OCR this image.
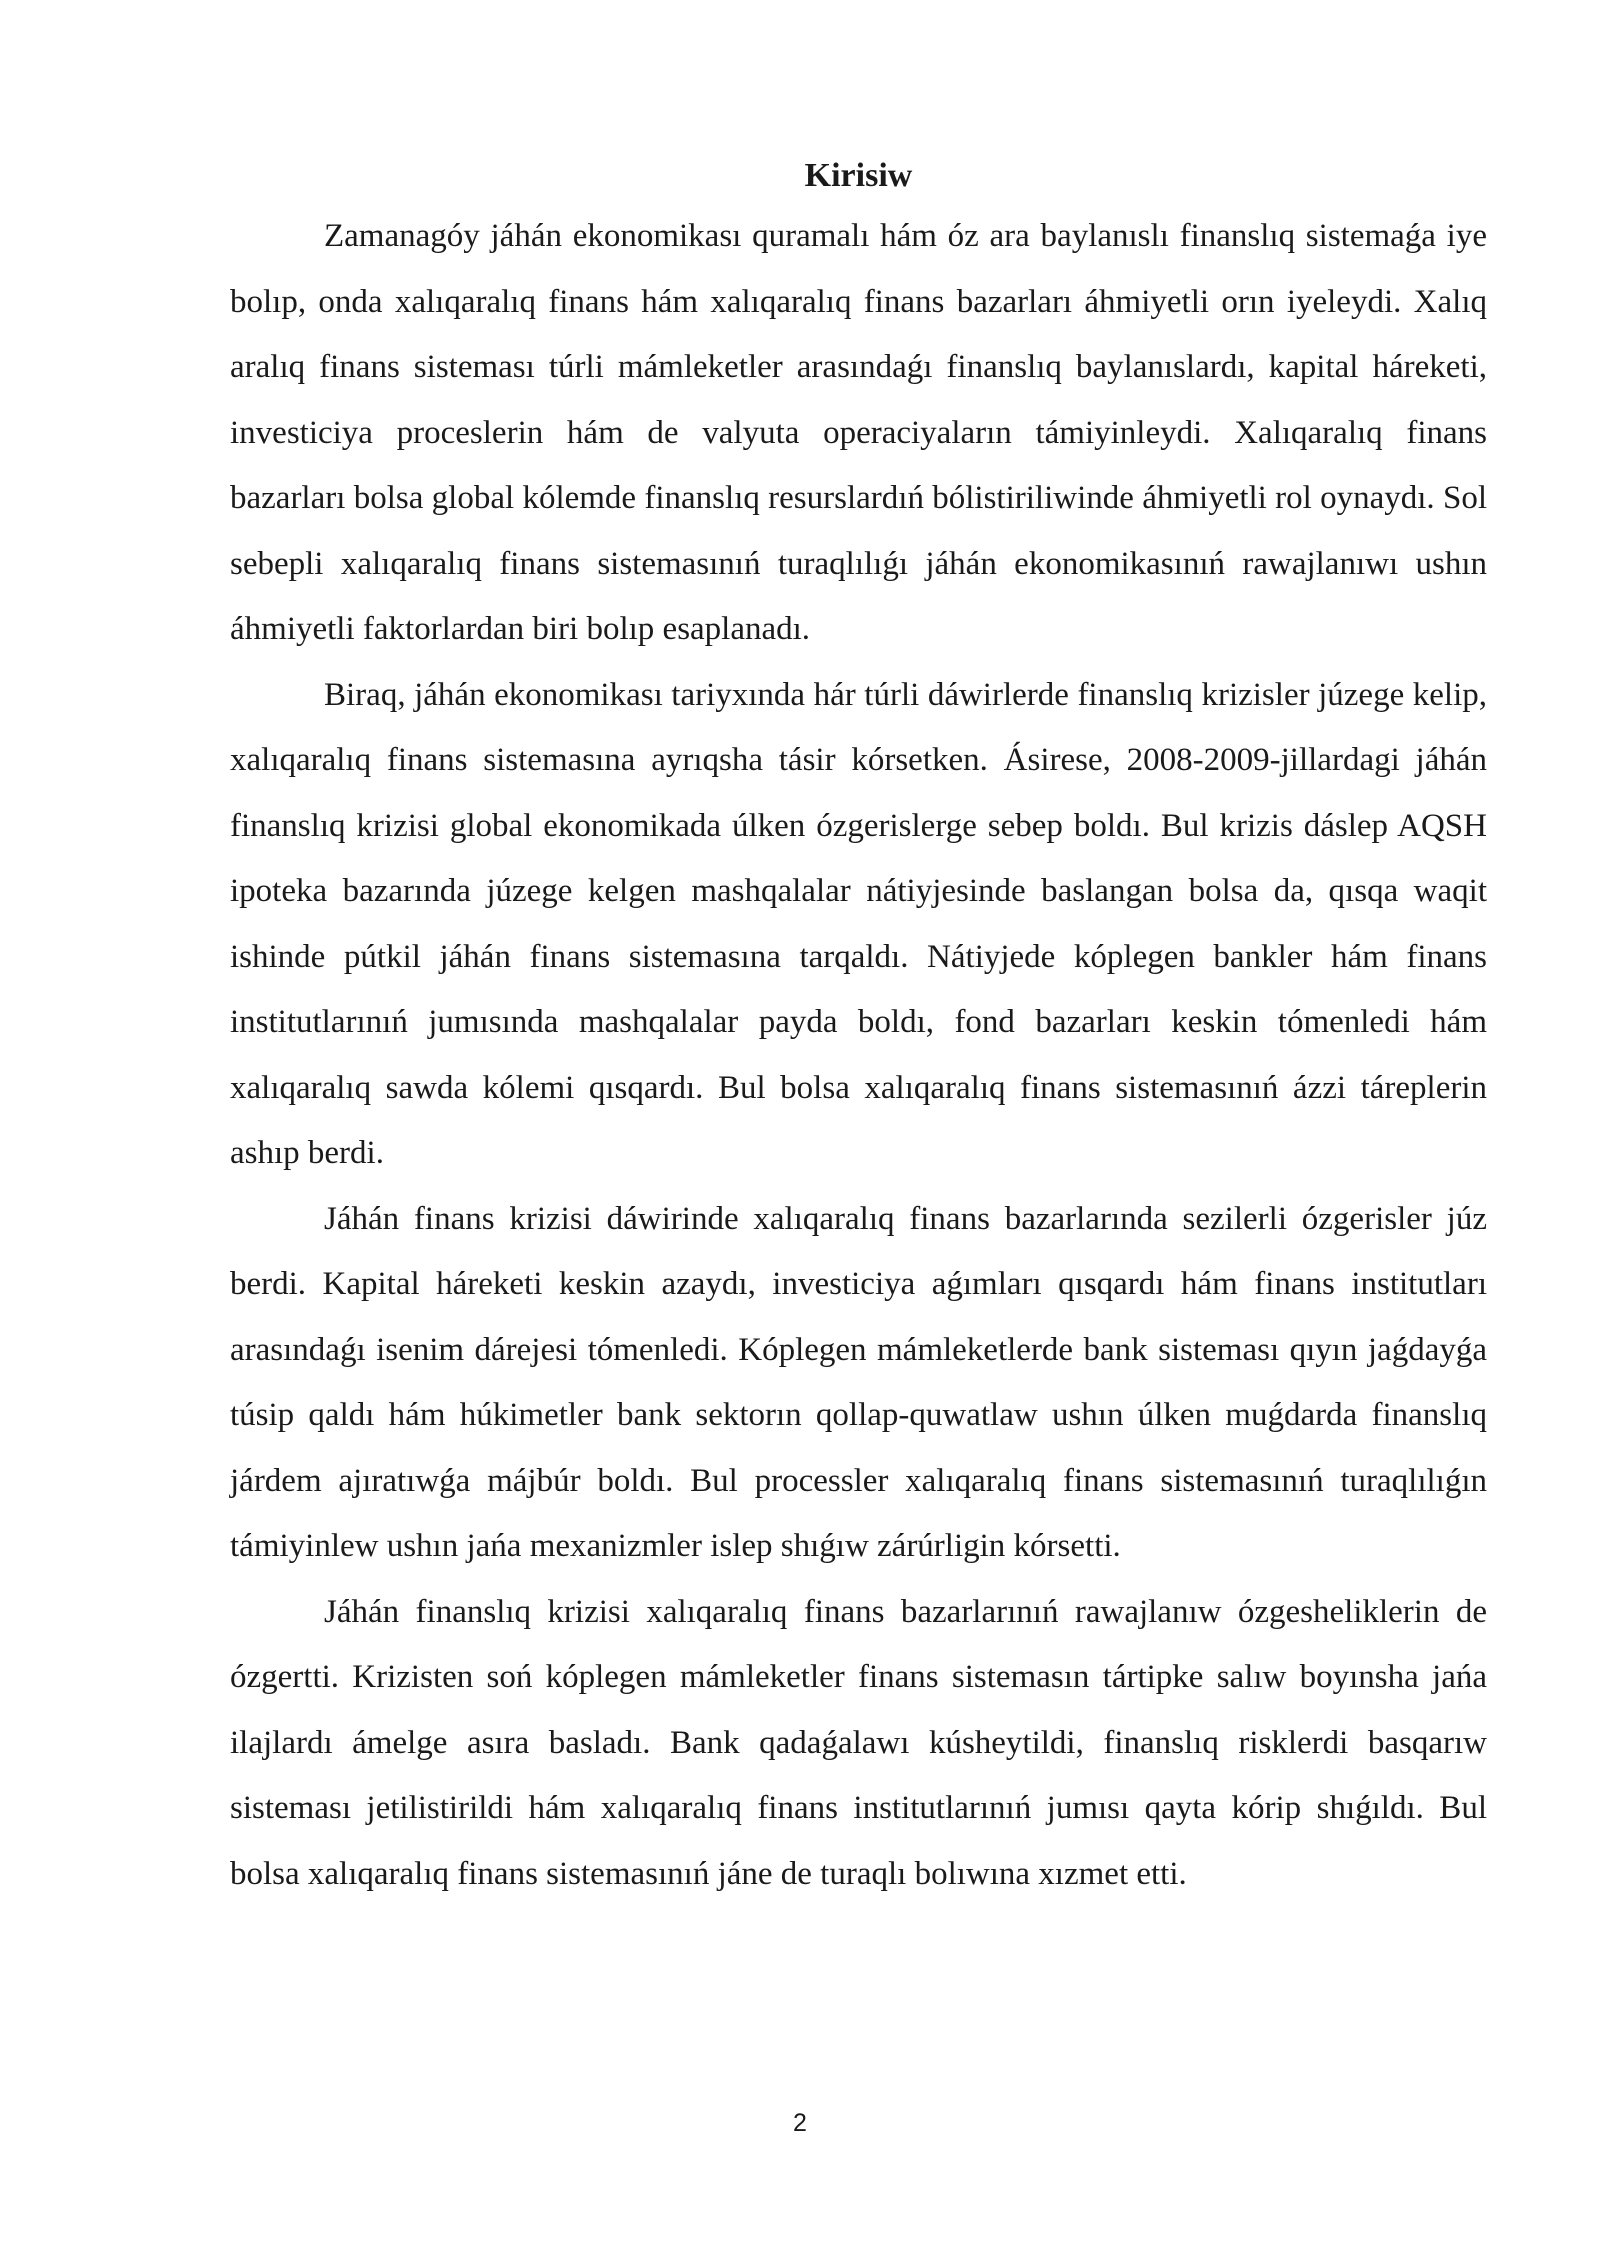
Kirisiw

Zamanagóy jáhán ekonomikası quramalı hám óz ara baylanıslı finanslıq sistemaǵa iye bolıp, onda xalıqaralıq finans hám xalıqaralıq finans bazarları áhmiyetli orın iyeleydi. Xalıq aralıq finans sisteması túrli mámleketler arasındaǵı finanslıq baylanıslardı, kapital háreketi, investiciya proceslerin hám de valyuta operaciyaların támiyinleydi. Xalıqaralıq finans bazarları bolsa global kólemde finanslıq resurslardıń bólistiriliwinde áhmiyetli rol oynaydı. Sol sebepli xalıqaralıq finans sistemasınıń turaqlılıǵı jáhán ekonomikasınıń rawajlanıwı ushın áhmiyetli faktorlardan biri bolıp esaplanadı.

Biraq, jáhán ekonomikası tariyxında hár túrli dáwirlerde finanslıq krizisler júzege kelip, xalıqaralıq finans sistemasına ayrıqsha tásir kórsetken. Ásirese, 2008-2009-jillardagi jáhán finanslıq krizisi global ekonomikada úlken ózgerislerge sebep boldı. Bul krizis dáslep AQSH ipoteka bazarında júzege kelgen mashqalalar nátiyjesinde baslangan bolsa da, qısqa waqit ishinde pútkil jáhán finans sistemasına tarqaldı. Nátiyjede kóplegen bankler hám finans institutlarınıń jumısında mashqalalar payda boldı, fond bazarları keskin tómenledi hám xalıqaralıq sawda kólemi qısqardı. Bul bolsa xalıqaralıq finans sistemasınıń ázzi táreplerin ashıp berdi.

Jáhán finans krizisi dáwirinde xalıqaralıq finans bazarlarında sezilerli ózgerisler júz berdi. Kapital háreketi keskin azaydı, investiciya aǵımları qısqardı hám finans institutları arasındaǵı isenim dárejesi tómenledi. Kóplegen mámleketlerde bank sisteması qıyın jaǵdayǵa túsip qaldı hám húkimetler bank sektorın qollap-quwatlaw ushın úlken muǵdarda finanslıq járdem ajıratıwǵa májbúr boldı. Bul processler xalıqaralıq finans sistemasınıń turaqlılıǵın támiyinlew ushın jańa mexanizmler islep shıǵıw zárúrligin kórsetti.

Jáhán finanslıq krizisi xalıqaralıq finans bazarlarınıń rawajlanıw ózgesheliklerin de ózgertti. Krizisten soń kóplegen mámleketler finans sistemasın tártipke salıw boyınsha jańa ilajlardı ámelge asıra basladı. Bank qadaǵalawı kúsheytildi, finanslıq risklerdi basqarıw sisteması jetilistirildi hám xalıqaralıq finans institutlarınıń jumısı qayta kórip shıǵıldı. Bul bolsa xalıqaralıq finans sistemasınıń jáne de turaqlı bolıwına xızmet etti.

2
